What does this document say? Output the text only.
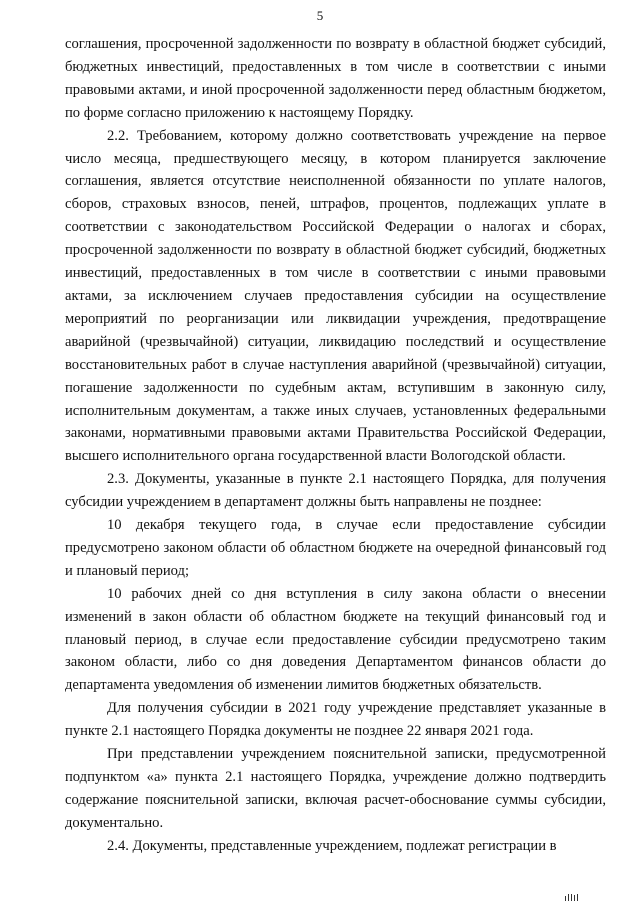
5

соглашения, просроченной задолженности по возврату в областной бюджет субсидий, бюджетных инвестиций, предоставленных в том числе в соответствии с иными правовыми актами, и иной просроченной задолженности перед областным бюджетом, по форме согласно приложению к настоящему Порядку.

2.2. Требованием, которому должно соответствовать учреждение на первое число месяца, предшествующего месяцу, в котором планируется заключение соглашения, является отсутствие неисполненной обязанности по уплате налогов, сборов, страховых взносов, пеней, штрафов, процентов, подлежащих уплате в соответствии с законодательством Российской Федерации о налогах и сборах, просроченной задолженности по возврату в областной бюджет субсидий, бюджетных инвестиций, предоставленных в том числе в соответствии с иными правовыми актами, за исключением случаев предоставления субсидии на осуществление мероприятий по реорганизации или ликвидации учреждения, предотвращение аварийной (чрезвычайной) ситуации, ликвидацию последствий и осуществление восстановительных работ в случае наступления аварийной (чрезвычайной) ситуации, погашение задолженности по судебным актам, вступившим в законную силу, исполнительным документам, а также иных случаев, установленных федеральными законами, нормативными правовыми актами Правительства Российской Федерации, высшего исполнительного органа государственной власти Вологодской области.

2.3. Документы, указанные в пункте 2.1 настоящего Порядка, для получения субсидии учреждением в департамент должны быть направлены не позднее:

10 декабря текущего года, в случае если предоставление субсидии предусмотрено законом области об областном бюджете на очередной финансовый год и плановый период;

10 рабочих дней со дня вступления в силу закона области о внесении изменений в закон области об областном бюджете на текущий финансовый год и плановый период, в случае если предоставление субсидии предусмотрено таким законом области, либо со дня доведения Департаментом финансов области до департамента уведомления об изменении лимитов бюджетных обязательств.

Для получения субсидии в 2021 году учреждение представляет указанные в пункте 2.1 настоящего Порядка документы не позднее 22 января 2021 года.

При представлении учреждением пояснительной записки, предусмотренной подпунктом «а» пункта 2.1 настоящего Порядка, учреждение должно подтвердить содержание пояснительной записки, включая расчет-обоснование суммы субсидии, документально.

2.4. Документы, представленные учреждением, подлежат регистрации в
